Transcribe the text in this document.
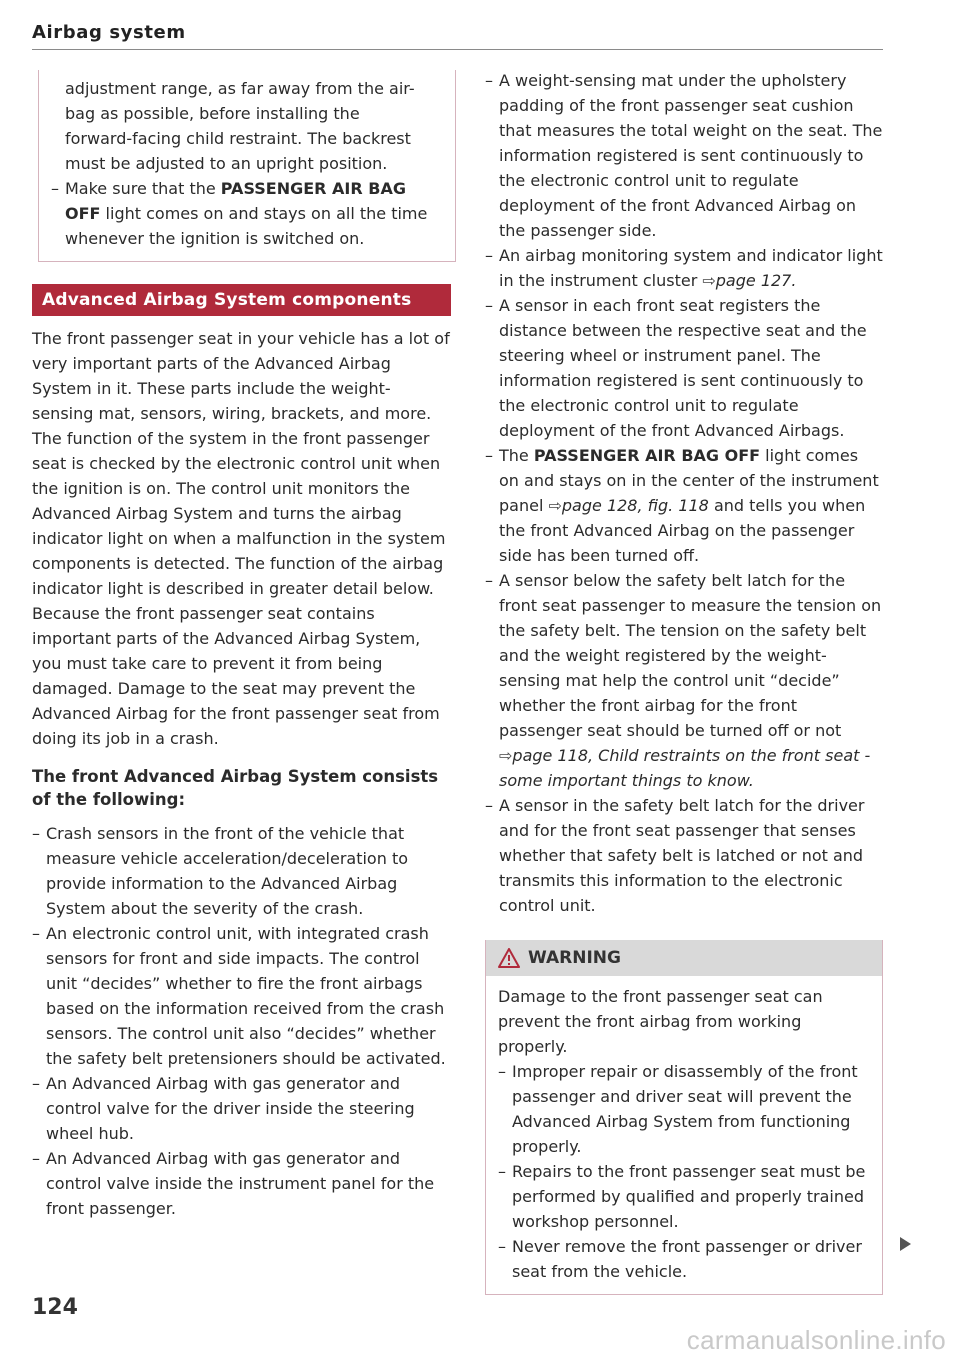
Airbag system

adjustment range, as far away from the air-

bag as possible, before installing the

forward-facing child restraint. The backrest

must be adjusted to an upright position.

– Make sure that the PASSENGER AIR BAG OFF light comes on and stays on all the time whenever the ignition is switched on.
Advanced Airbag System components

The front passenger seat in your vehicle has a lot of very important parts of the Advanced Airbag System in it. These parts include the weight-sensing mat, sensors, wiring, brackets, and more. The function of the system in the front passenger seat is checked by the electronic control unit when the ignition is on. The control unit monitors the Advanced Airbag System and turns the airbag indicator light on when a malfunction in the system components is detected. The function of the airbag indicator light is described in greater detail below. Because the front passenger seat contains important parts of the Advanced Airbag System, you must take care to prevent it from being damaged. Damage to the seat may prevent the Advanced Airbag for the front passenger seat from doing its job in a crash.

The front Advanced Airbag System consists of the following:

– Crash sensors in the front of the vehicle that measure vehicle acceleration/deceleration to provide information to the Advanced Airbag System about the severity of the crash.
– An electronic control unit, with integrated crash sensors for front and side impacts. The control unit “decides” whether to fire the front airbags based on the information received from the crash sensors. The control unit also “decides” whether the safety belt pretensioners should be activated.
– An Advanced Airbag with gas generator and control valve for the driver inside the steering wheel hub.
– An Advanced Airbag with gas generator and control valve inside the instrument panel for the front passenger.
– A weight-sensing mat under the upholstery padding of the front passenger seat cushion that measures the total weight on the seat. The information registered is sent continuously to the electronic control unit to regulate deployment of the front Advanced Airbag on the passenger side.
– An airbag monitoring system and indicator light in the instrument cluster ⇨page 127.
– A sensor in each front seat registers the distance between the respective seat and the steering wheel or instrument panel. The information registered is sent continuously to the electronic control unit to regulate deployment of the front Advanced Airbags.
– The PASSENGER AIR BAG OFF light comes on and stays on in the center of the instrument panel ⇨page 128, fig. 118 and tells you when the front Advanced Airbag on the passenger side has been turned off.
– A sensor below the safety belt latch for the front seat passenger to measure the tension on the safety belt. The tension on the safety belt and the weight registered by the weight-sensing mat help the control unit “decide” whether the front airbag for the front passenger seat should be turned off or not ⇨page 118, Child restraints on the front seat - some important things to know.
– A sensor in the safety belt latch for the driver and for the front seat passenger that senses whether that safety belt is latched or not and transmits this information to the electronic control unit.
WARNING

Damage to the front passenger seat can prevent the front airbag from working properly.

– Improper repair or disassembly of the front passenger and driver seat will prevent the Advanced Airbag System from functioning properly.
– Repairs to the front passenger seat must be performed by qualified and properly trained workshop personnel.
– Never remove the front passenger or driver seat from the vehicle.
124
carmanualsonline.info
